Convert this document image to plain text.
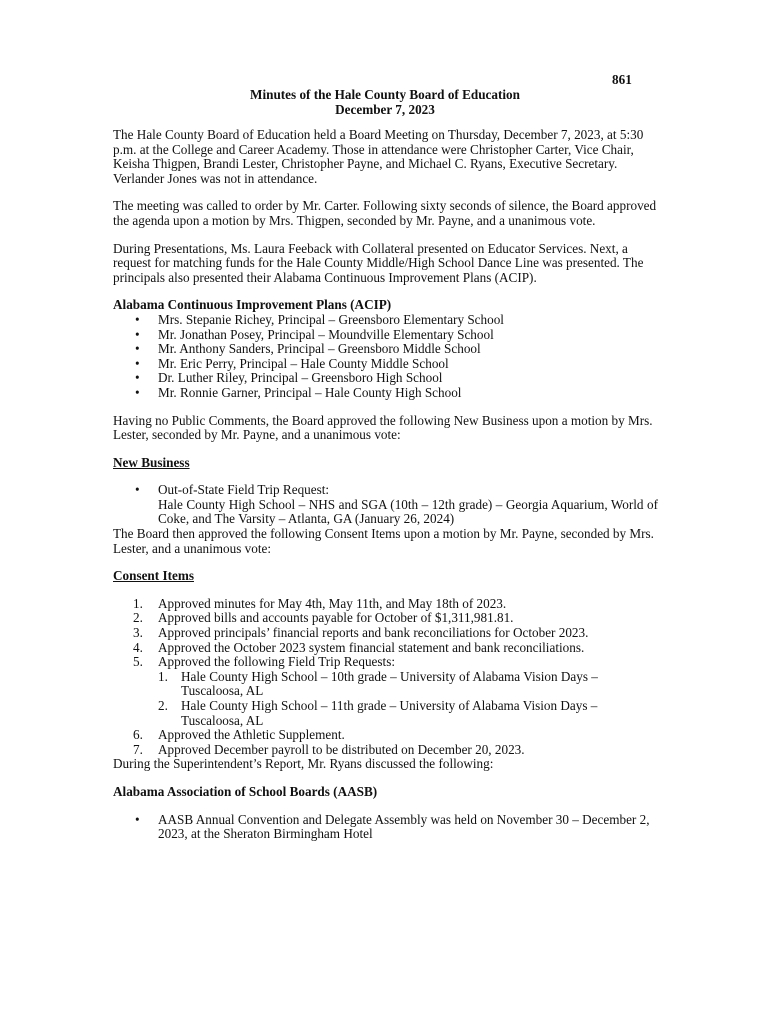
861
Minutes of the Hale County Board of Education
December 7, 2023

The Hale County Board of Education held a Board Meeting on Thursday, December 7, 2023, at 5:30 p.m. at the College and Career Academy. Those in attendance were Christopher Carter, Vice Chair, Keisha Thigpen, Brandi Lester, Christopher Payne, and Michael C. Ryans, Executive Secretary. Verlander Jones was not in attendance.

The meeting was called to order by Mr. Carter. Following sixty seconds of silence, the Board approved the agenda upon a motion by Mrs. Thigpen, seconded by Mr. Payne, and a unanimous vote.

During Presentations, Ms. Laura Feeback with Collateral presented on Educator Services. Next, a request for matching funds for the Hale County Middle/High School Dance Line was presented. The principals also presented their Alabama Continuous Improvement Plans (ACIP).

Alabama Continuous Improvement Plans (ACIP)

• Mrs. Stepanie Richey, Principal – Greensboro Elementary School
• Mr. Jonathan Posey, Principal – Moundville Elementary School
• Mr. Anthony Sanders, Principal – Greensboro Middle School
• Mr. Eric Perry, Principal – Hale County Middle School
• Dr. Luther Riley, Principal – Greensboro High School
• Mr. Ronnie Garner, Principal – Hale County High School

Having no Public Comments, the Board approved the following New Business upon a motion by Mrs. Lester, seconded by Mr. Payne, and a unanimous vote:

New Business

• Out-of-State Field Trip Request:
Hale County High School – NHS and SGA (10th – 12th grade) – Georgia Aquarium, World of Coke, and The Varsity – Atlanta, GA (January 26, 2024)

The Board then approved the following Consent Items upon a motion by Mr. Payne, seconded by Mrs. Lester, and a unanimous vote:

Consent Items

1. Approved minutes for May 4th, May 11th, and May 18th of 2023.
2. Approved bills and accounts payable for October of $1,311,981.81.
3. Approved principals’ financial reports and bank reconciliations for October 2023.
4. Approved the October 2023 system financial statement and bank reconciliations.
5. Approved the following Field Trip Requests:
1. Hale County High School – 10th grade – University of Alabama Vision Days – Tuscaloosa, AL
2. Hale County High School – 11th grade – University of Alabama Vision Days – Tuscaloosa, AL
6. Approved the Athletic Supplement.
7. Approved December payroll to be distributed on December 20, 2023.

During the Superintendent’s Report, Mr. Ryans discussed the following:

Alabama Association of School Boards (AASB)

• AASB Annual Convention and Delegate Assembly was held on November 30 – December 2, 2023, at the Sheraton Birmingham Hotel
